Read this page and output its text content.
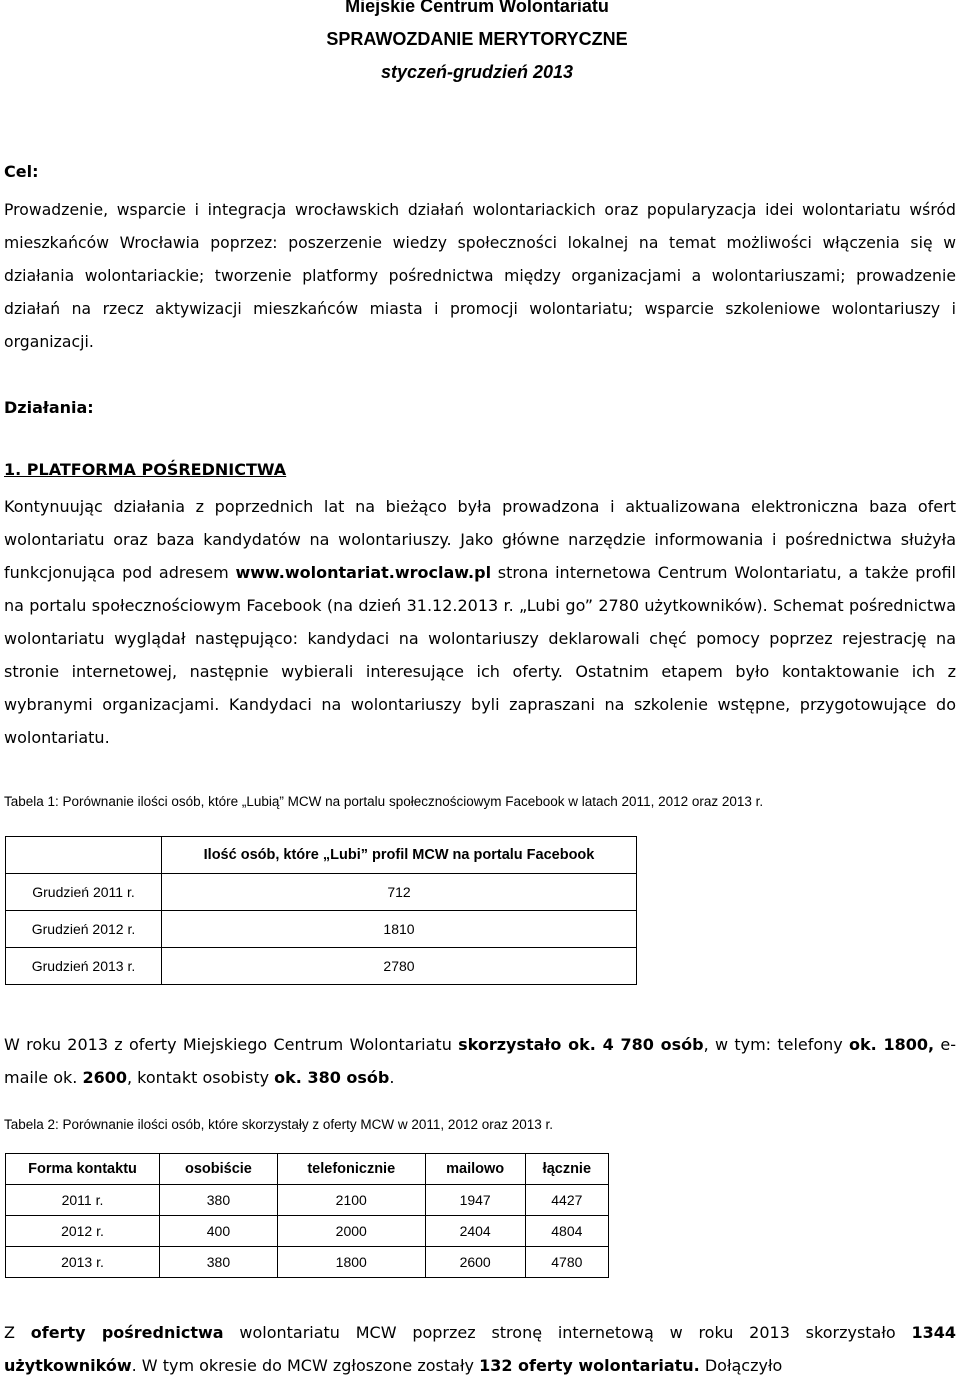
Miejskie Centrum Wolontariatu
SPRAWOZDANIE MERYTORYCZNE
styczeń-grudzień 2013
Cel:

Prowadzenie, wsparcie i integracja wrocławskich działań wolontariackich oraz popularyzacja idei wolontariatu wśród mieszkańców Wrocławia poprzez: poszerzenie wiedzy społeczności lokalnej na temat możliwości włączenia się w działania wolontariackie; tworzenie platformy pośrednictwa między organizacjami a wolontariuszami; prowadzenie działań na rzecz aktywizacji mieszkańców miasta i promocji wolontariatu; wsparcie szkoleniowe wolontariuszy i organizacji.

Działania:
1. PLATFORMA POŚREDNICTWA

Kontynuując działania z poprzednich lat na bieżąco była prowadzona i aktualizowana elektroniczna baza ofert wolontariatu oraz baza kandydatów na wolontariuszy. Jako główne narzędzie informowania i pośrednictwa służyła funkcjonująca pod adresem www.wolontariat.wroclaw.pl strona internetowa Centrum Wolontariatu, a także profil na portalu społecznościowym Facebook (na dzień 31.12.2013 r. „Lubi go” 2780 użytkowników). Schemat pośrednictwa wolontariatu wyglądał następująco: kandydaci na wolontariuszy deklarowali chęć pomocy poprzez rejestrację na stronie internetowej, następnie wybierali interesujące ich oferty. Ostatnim etapem było kontaktowanie ich z wybranymi organizacjami. Kandydaci na wolontariuszy byli zapraszani na szkolenie wstępne, przygotowujące do wolontariatu.

Tabela 1: Porównanie ilości osób, które „Lubią” MCW na portalu społecznościowym Facebook w latach 2011, 2012 oraz 2013 r.
	Ilość osób, które „Lubi” profil MCW na portalu Facebook
Grudzień 2011 r.	712
Grudzień 2012 r.	1810
Grudzień 2013 r.	2780

W roku 2013 z oferty Miejskiego Centrum Wolontariatu skorzystało ok. 4 780 osób, w tym: telefony ok. 1800, e-maile ok. 2600, kontakt osobisty ok. 380 osób.

Tabela 2: Porównanie ilości osób, które skorzystały z oferty MCW w 2011, 2012 oraz 2013 r.
Forma kontaktu	osobiście	telefonicznie	mailowo	łącznie
2011 r.	380	2100	1947	4427
2012 r.	400	2000	2404	4804
2013 r.	380	1800	2600	4780

Z oferty pośrednictwa wolontariatu MCW poprzez stronę internetową w roku 2013 skorzystało 1344 użytkowników. W tym okresie do MCW zgłoszone zostały 132 oferty wolontariatu. Dołączyło
